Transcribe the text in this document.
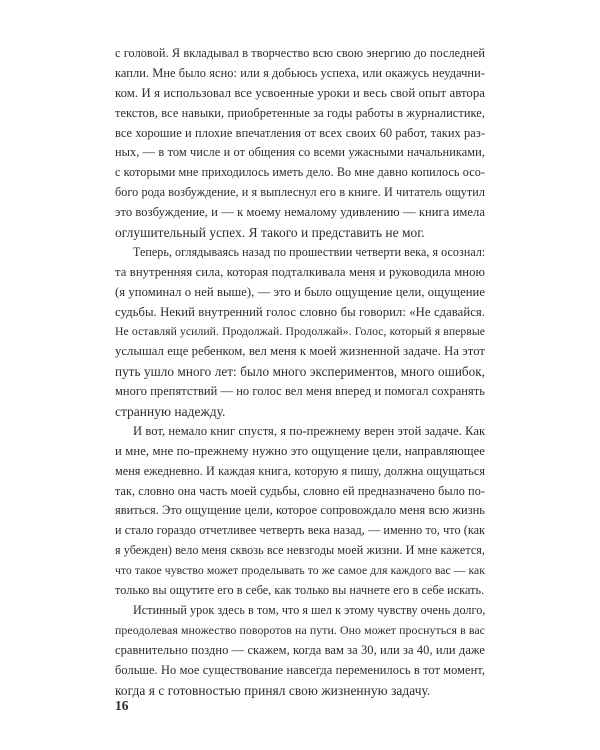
с головой. Я вкладывал в творчество всю свою энергию до последней
капли. Мне было ясно: или я добьюсь успеха, или окажусь неудачни-
ком. И я использовал все усвоенные уроки и весь свой опыт автора
текстов, все навыки, приобретенные за годы работы в журналистике,
все хорошие и плохие впечатления от всех своих 60 работ, таких раз-
ных, — в том числе и от общения со всеми ужасными начальниками,
с которыми мне приходилось иметь дело. Во мне давно копилось осо-
бого рода возбуждение, и я выплеснул его в книге. И читатель ощутил
это возбуждение, и — к моему немалому удивлению — книга имела
оглушительный успех. Я такого и представить не мог.
Теперь, оглядываясь назад по прошествии четверти века, я осознал:
та внутренняя сила, которая подталкивала меня и руководила мною
(я упоминал о ней выше), — это и было ощущение цели, ощущение
судьбы. Некий внутренний голос словно бы говорил: «Не сдавайся.
Не оставляй усилий. Продолжай. Продолжай». Голос, который я впервые
услышал еще ребенком, вел меня к моей жизненной задаче. На этот
путь ушло много лет: было много экспериментов, много ошибок,
много препятствий — но голос вел меня вперед и помогал сохранять
странную надежду.
И вот, немало книг спустя, я по-прежнему верен этой задаче. Как
и мне, мне по-прежнему нужно это ощущение цели, направляющее
меня ежедневно. И каждая книга, которую я пишу, должна ощущаться
так, словно она часть моей судьбы, словно ей предназначено было по-
явиться. Это ощущение цели, которое сопровождало меня всю жизнь
и стало гораздо отчетливее четверть века назад, — именно то, что (как
я убежден) вело меня сквозь все невзгоды моей жизни. И мне кажется,
что такое чувство может проделывать то же самое для каждого вас — как
только вы ощутите его в себе, как только вы начнете его в себе искать.
Истинный урок здесь в том, что я шел к этому чувству очень долго,
преодолевая множество поворотов на пути. Оно может проснуться в вас
сравнительно поздно — скажем, когда вам за 30, или за 40, или даже
больше. Но мое существование навсегда переменилось в тот момент,
когда я с готовностью принял свою жизненную задачу.
16
